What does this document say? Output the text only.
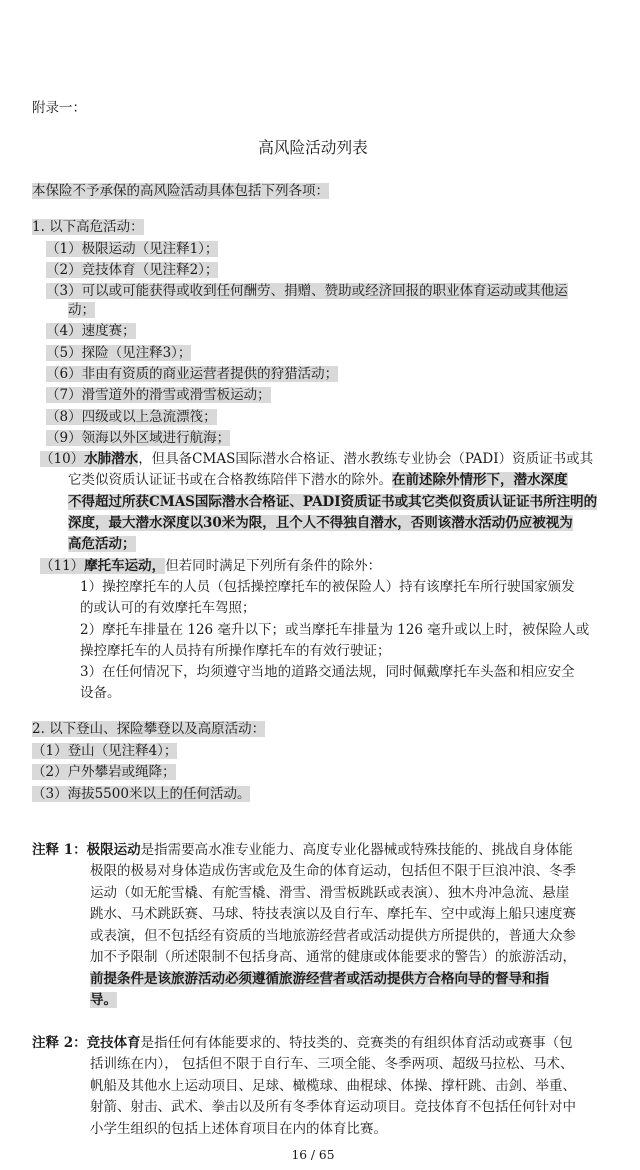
附录一：
高风险活动列表
本保险不予承保的高风险活动具体包括下列各项：
1. 以下高危活动：
（1）极限运动（见注释1）；
（2）竞技体育（见注释2）；
（3）可以或可能获得或收到任何酬劳、捐赠、赞助或经济回报的职业体育运动或其他运
动；
（4）速度赛；
（5）探险（见注释3）；
（6）非由有资质的商业运营者提供的狩猎活动；
（7）滑雪道外的滑雪或滑雪板运动；
（8）四级或以上急流漂筏；
（9）领海以外区域进行航海；
（10）水肺潜水，但具备CMAS国际潜水合格证、潜水教练专业协会（PADI）资质证书或其
它类似资质认证证书或在合格教练陪伴下潜水的除外。在前述除外情形下，潜水深度
不得超过所获CMAS国际潜水合格证、PADI资质证书或其它类似资质认证证书所注明的
深度，最大潜水深度以30米为限，且个人不得独自潜水，否则该潜水活动仍应被视为
高危活动；
（11）摩托车运动，但若同时满足下列所有条件的除外：
1）操控摩托车的人员（包括操控摩托车的被保险人）持有该摩托车所行驶国家颁发
的或认可的有效摩托车驾照；
2）摩托车排量在 126 毫升以下；或当摩托车排量为 126 毫升或以上时，被保险人或
操控摩托车的人员持有所操作摩托车的有效行驶证；
3）在任何情况下，均须遵守当地的道路交通法规，同时佩戴摩托车头盔和相应安全
设备。
2. 以下登山、探险攀登以及高原活动：
（1）登山（见注释4）；
（2）户外攀岩或绳降；
（3）海拔5500米以上的任何活动。
注释 1：极限运动是指需要高水准专业能力、高度专业化器械或特殊技能的、挑战自身体能
极限的极易对身体造成伤害或危及生命的体育运动，包括但不限于巨浪冲浪、冬季
运动（如无舵雪橇、有舵雪橇、滑雪、滑雪板跳跃或表演）、独木舟冲急流、悬崖
跳水、马术跳跃赛、马球、特技表演以及自行车、摩托车、空中或海上船只速度赛
或表演，但不包括经有资质的当地旅游经营者或活动提供方所提供的，普通大众参
加不予限制（所述限制不包括身高、通常的健康或体能要求的警告）的旅游活动，
前提条件是该旅游活动必须遵循旅游经营者或活动提供方合格向导的督导和指
导。
注释 2：竞技体育是指任何有体能要求的、特技类的、竞赛类的有组织体育活动或赛事（包
括训练在内）， 包括但不限于自行车、三项全能、冬季两项、超级马拉松、马术、
帆船及其他水上运动项目、足球、橄榄球、曲棍球、体操、撑杆跳、击剑、举重、
射箭、射击、武术、拳击以及所有冬季体育运动项目。竞技体育不包括任何针对中
小学生组织的包括上述体育项目在内的体育比赛。
16 / 65
